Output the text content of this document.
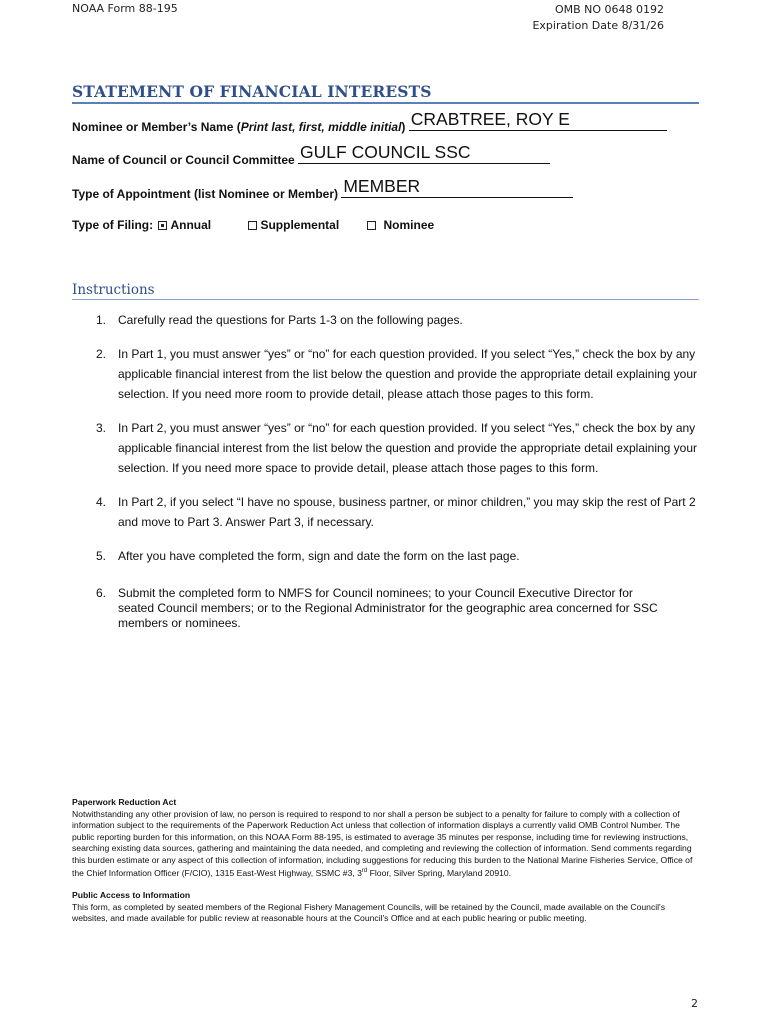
NOAA Form 88-195	OMB NO 0648 0192
Expiration Date 8/31/26
STATEMENT OF FINANCIAL INTERESTS
Nominee or Member’s Name (Print last, first, middle initial) CRABTREE, ROY E
Name of Council or Council Committee GULF COUNCIL SSC
Type of Appointment (list Nominee or Member) MEMBER
Type of Filing: Annual	Supplemental	Nominee
Instructions
1. Carefully read the questions for Parts 1-3 on the following pages.
2. In Part 1, you must answer “yes” or “no” for each question provided. If you select “Yes,” check the box by any applicable financial interest from the list below the question and provide the appropriate detail explaining your selection. If you need more room to provide detail, please attach those pages to this form.
3. In Part 2, you must answer “yes” or “no” for each question provided. If you select “Yes,” check the box by any applicable financial interest from the list below the question and provide the appropriate detail explaining your selection. If you need more space to provide detail, please attach those pages to this form.
4. In Part 2, if you select “I have no spouse, business partner, or minor children,” you may skip the rest of Part 2 and move to Part 3. Answer Part 3, if necessary.
5. After you have completed the form, sign and date the form on the last page.
6. Submit the completed form to NMFS for Council nominees; to your Council Executive Director for seated Council members; or to the Regional Administrator for the geographic area concerned for SSC members or nominees.
Paperwork Reduction Act
Notwithstanding any other provision of law, no person is required to respond to nor shall a person be subject to a penalty for failure to comply with a collection of information subject to the requirements of the Paperwork Reduction Act unless that collection of information displays a currently valid OMB Control Number. The public reporting burden for this information, on this NOAA Form 88-195, is estimated to average 35 minutes per response, including time for reviewing instructions, searching existing data sources, gathering and maintaining the data needed, and completing and reviewing the collection of information. Send comments regarding this burden estimate or any aspect of this collection of information, including suggestions for reducing this burden to the National Marine Fisheries Service, Office of the Chief Information Officer (F/CIO), 1315 East-West Highway, SSMC #3, 3rd Floor, Silver Spring, Maryland 20910.
Public Access to Information
This form, as completed by seated members of the Regional Fishery Management Councils, will be retained by the Council, made available on the Council's websites, and made available for public review at reasonable hours at the Council's Office and at each public hearing or public meeting.
2
